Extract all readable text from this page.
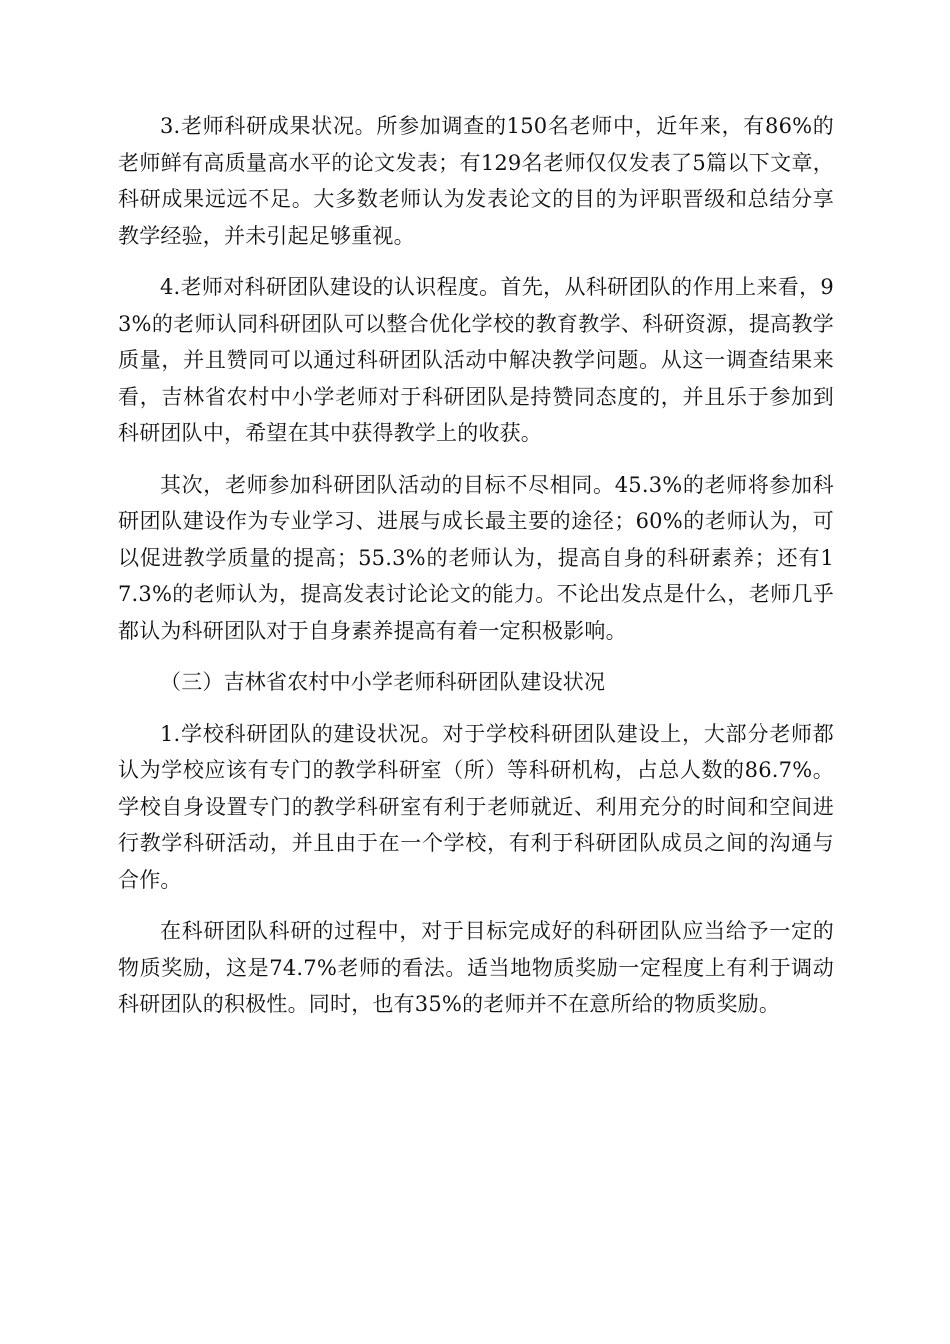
3.老师科研成果状况。所参加调查的150名老师中，近年来，有86%的老师鲜有高质量高水平的论文发表；有129名老师仅仅发表了5篇以下文章，科研成果远远不足。大多数老师认为发表论文的目的为评职晋级和总结分享教学经验，并未引起足够重视。

4.老师对科研团队建设的认识程度。首先，从科研团队的作用上来看，93%的老师认同科研团队可以整合优化学校的教育教学、科研资源，提高教学质量，并且赞同可以通过科研团队活动中解决教学问题。从这一调查结果来看，吉林省农村中小学老师对于科研团队是持赞同态度的，并且乐于参加到科研团队中，希望在其中获得教学上的收获。

其次，老师参加科研团队活动的目标不尽相同。45.3%的老师将参加科研团队建设作为专业学习、进展与成长最主要的途径；60%的老师认为，可以促进教学质量的提高；55.3%的老师认为，提高自身的科研素养；还有17.3%的老师认为，提高发表讨论论文的能力。不论出发点是什么，老师几乎都认为科研团队对于自身素养提高有着一定积极影响。

（三）吉林省农村中小学老师科研团队建设状况

1.学校科研团队的建设状况。对于学校科研团队建设上，大部分老师都认为学校应该有专门的教学科研室（所）等科研机构，占总人数的86.7%。学校自身设置专门的教学科研室有利于老师就近、利用充分的时间和空间进行教学科研活动，并且由于在一个学校，有利于科研团队成员之间的沟通与合作。

在科研团队科研的过程中，对于目标完成好的科研团队应当给予一定的物质奖励，这是74.7%老师的看法。适当地物质奖励一定程度上有利于调动科研团队的积极性。同时，也有35%的老师并不在意所给的物质奖励。
